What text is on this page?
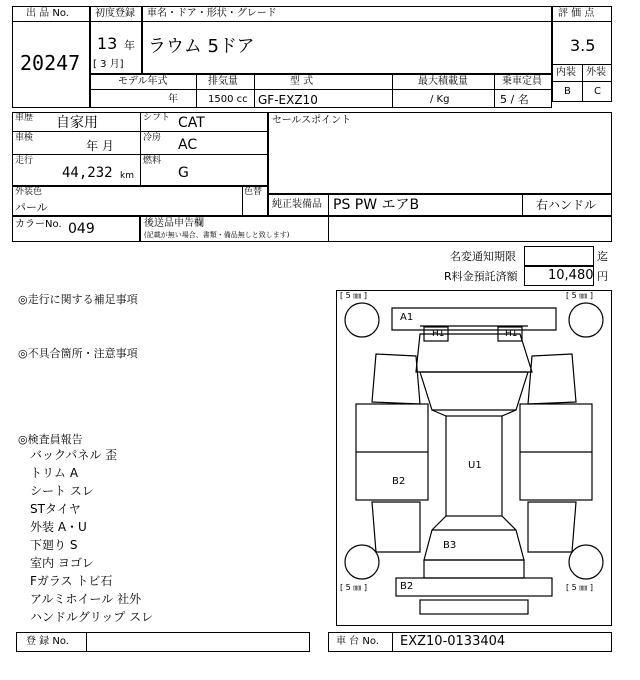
出 品 No.
20247
初度登録
13 年
[ 3 月]
車名・ドア・形状・グレード
ラウム 5ドア
評 価 点
3.5
内装 外装
B C
モデル年式
年
排気量
1500 cc
型 式
GF-EXZ10
最大積載量
/ Kg
乗車定員
5 / 名
車歴 自家用
車検
年 月
走行
44,232 km
シフト CAT
冷房 AC
燃料
G
セールスポイント
外装色
パール
色替
純正装備品 PS PW エアB	右ハンドル
カラーNo. 049	後送品申告欄
(記載が無い場合、書類・備品無しと致します)
名変通知期限	迄
R料金預託済額 10,480 円
◎走行に関する補足事項
◎不具合箇所・注意事項
◎検査員報告
バックパネル 歪
トリム A
シート スレ
STタイヤ
外装 A・U
下廻り S
室内 ヨゴレ
Fガラス トビ石
アルミホイール 社外
ハンドルグリップ スレ
[ 5 ㎜ ]	[ 5 ㎜ ]
[ 5 ㎜ ]	[ 5 ㎜ ]
A1
H1	H1
U1
B2
B3
B2
登 録 No.	車 台 No. EXZ10-0133404
